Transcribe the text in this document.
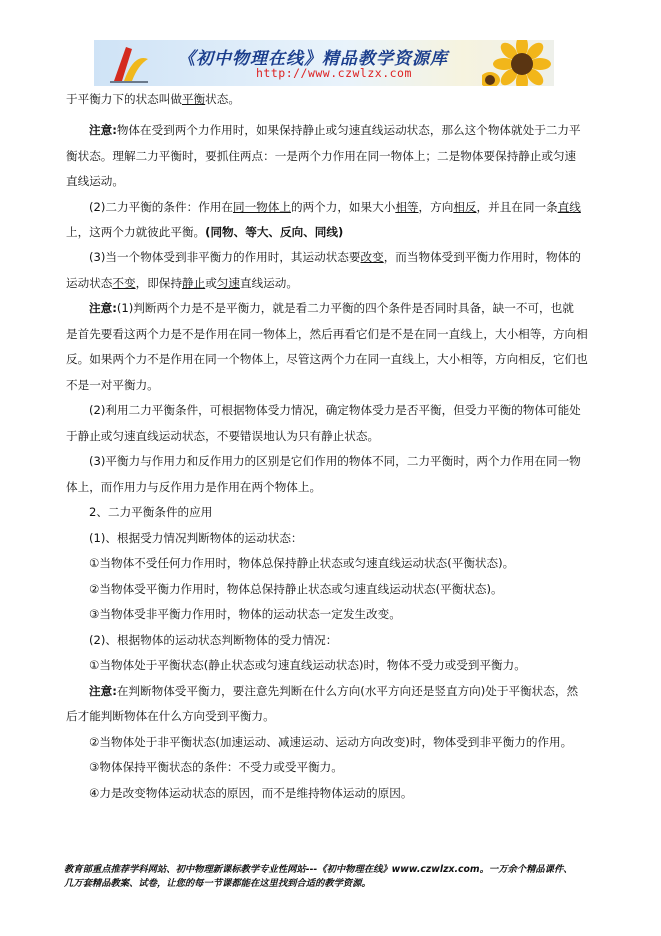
《初中物理在线》精品教学资源库
http://www.czwlzx.com
于平衡力下的状态叫做平衡状态。
注意:物体在受到两个力作用时，如果保持静止或匀速直线运动状态，那么这个物体就处于二力平
衡状态。理解二力平衡时，要抓住两点：一是两个力作用在同一物体上；二是物体要保持静止或匀速
直线运动。
(2)二力平衡的条件：作用在同一物体上的两个力，如果大小相等，方向相反，并且在同一条直线
上，这两个力就彼此平衡。(同物、等大、反向、同线)
(3)当一个物体受到非平衡力的作用时，其运动状态要改变，而当物体受到平衡力作用时，物体的
运动状态不变，即保持静止或匀速直线运动。
注意:(1)判断两个力是不是平衡力，就是看二力平衡的四个条件是否同时具备，缺一不可，也就
是首先要看这两个力是不是作用在同一物体上，然后再看它们是不是在同一直线上，大小相等，方向相
反。如果两个力不是作用在同一个物体上，尽管这两个力在同一直线上，大小相等，方向相反，它们也
不是一对平衡力。
(2)利用二力平衡条件，可根据物体受力情况，确定物体受力是否平衡，但受力平衡的物体可能处
于静止或匀速直线运动状态，不要错误地认为只有静止状态。
(3)平衡力与作用力和反作用力的区别是它们作用的物体不同，二力平衡时，两个力作用在同一物
体上，而作用力与反作用力是作用在两个物体上。
2、二力平衡条件的应用
(1)、根据受力情况判断物体的运动状态：
①当物体不受任何力作用时，物体总保持静止状态或匀速直线运动状态(平衡状态)。
②当物体受平衡力作用时，物体总保持静止状态或匀速直线运动状态(平衡状态)。
③当物体受非平衡力作用时，物体的运动状态一定发生改变。
(2)、根据物体的运动状态判断物体的受力情况：
①当物体处于平衡状态(静止状态或匀速直线运动状态)时，物体不受力或受到平衡力。
注意:在判断物体受平衡力，要注意先判断在什么方向(水平方向还是竖直方向)处于平衡状态，然
后才能判断物体在什么方向受到平衡力。
②当物体处于非平衡状态(加速运动、减速运动、运动方向改变)时，物体受到非平衡力的作用。
③物体保持平衡状态的条件：不受力或受平衡力。
④力是改变物体运动状态的原因，而不是维持物体运动的原因。
教育部重点推荐学科网站、初中物理新课标教学专业性网站---《初中物理在线》www.czwlzx.com。一万余个精品课件、
几万套精品教案、试卷，让您的每一节课都能在这里找到合适的教学资源。
